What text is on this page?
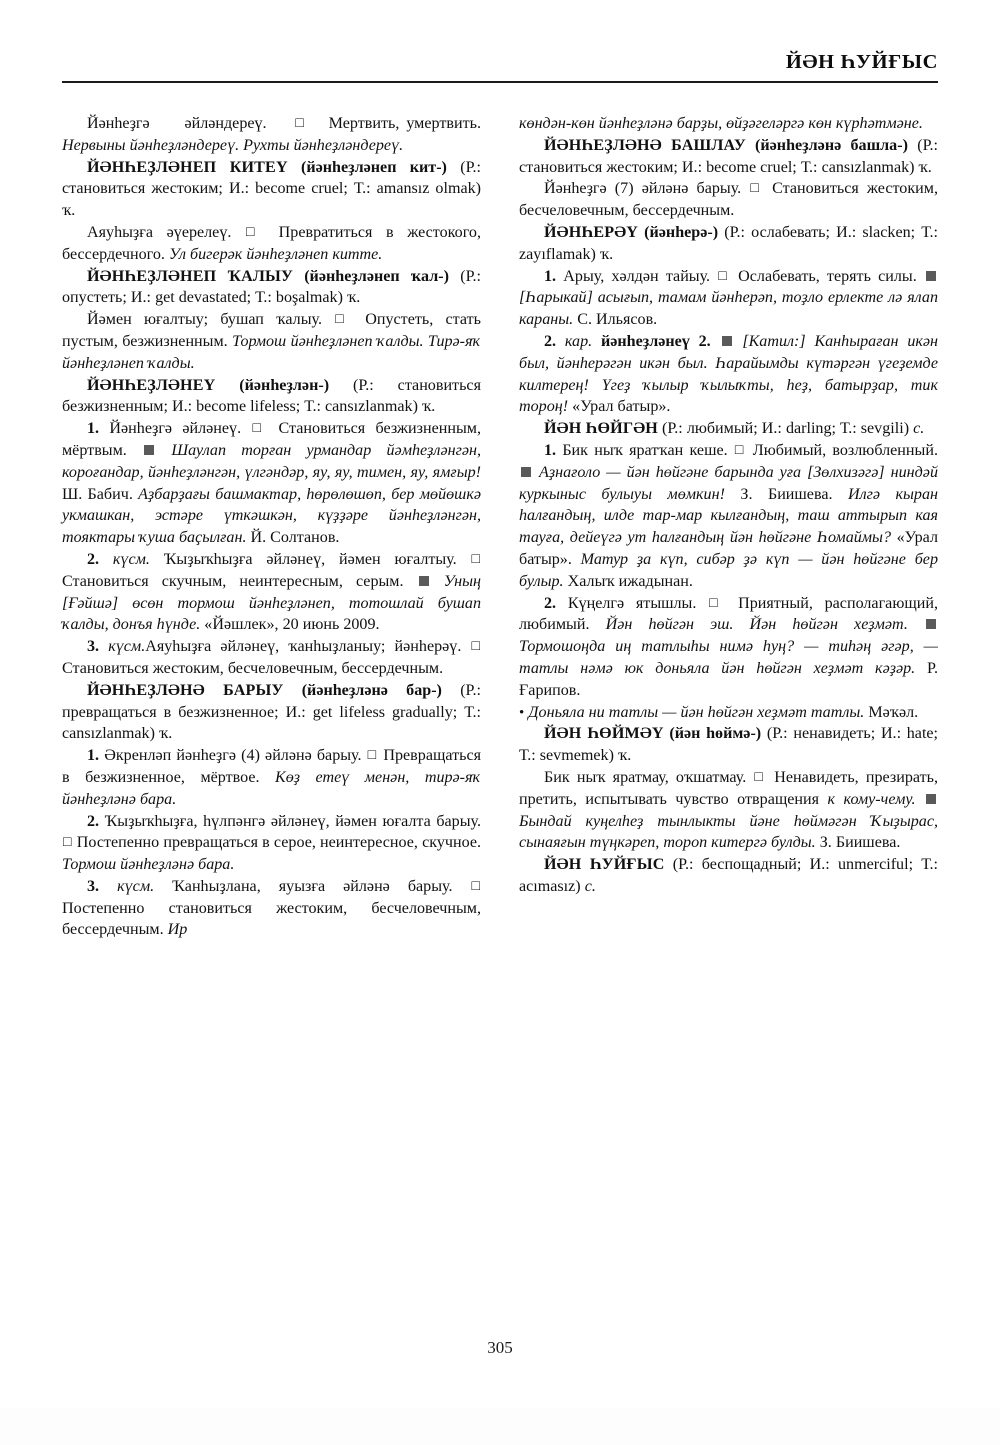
ЙӘН ҺУЙҒЫС

Йәнһеҙгә     әйләндереү.    □   Мертвить, умертвить. Нервыны йәнһеҙләндереү. Рухты йәнһеҙләндереү.

ЙӘНҺЕҘЛӘНЕП КИТЕҮ (йәнһеҙләнеп кит-) (Р.: становиться жестоким; И.: become cruel; Т.: amansız olmak) ҡ.

Аяуһыҙға әүерелеү. □ Превратиться в жестокого, бессердечного. Ул бигерәк йәнһеҙләнеп китте.

ЙӘНҺЕҘЛӘНЕП ҠАЛЫУ (йәнһеҙләнеп ҡал-) (Р.: опустеть; И.: get devastated; Т.: boşalmak) ҡ.

Йәмен юғалтыу; бушап ҡалыу. □ Опустеть, стать пустым, безжизненным. Тормош йәнһеҙләнеп ҡалды. Тирә-яҡ йәнһеҙләнеп ҡалды.

ЙӘНҺЕҘЛӘНЕҮ (йәнһеҙлән-) (Р.: становиться безжизненным; И.: become lifeless; Т.: cansızlanmak) ҡ.

1. Йәнһеҙгә әйләнеү. □ Становиться безжизненным, мёртвым.	Шаулап торған урмандар йәмһеҙләнгән, короғандар, йәнһеҙләнгән, үлгәндәр, яу, яу, тимен, яу, ямғыр! Ш. Бабич. Аҙбарҙағы башмактар, һөрөлөшөп, бер мөйөшкә укмашкан, эстәре үткәшкән, күҙҙәре йәнһеҙләнгән, тояктары ҡуша баҫылған. Й. Солтанов.

2. күсм. Ҡыҙыҡһыҙға әйләнеү, йәмен юғалтыу. □ Становиться скучным, неинтересным, серым. Уның [Ғәйшә] өсөн тормош йәнһеҙләнеп, тотошлай бушап ҡалды, донъя һүнде. «Йәшлек», 20 июнь 2009.

3. күсм.Аяуһыҙға әйләнеү, ҡанһыҙланыу; йәнһерәү. □ Становиться жестоким, бесчеловечным, бессердечным.

ЙӘНҺЕҘЛӘНӘ БАРЫУ (йәнһеҙләнә бар-) (Р.: превращаться в безжизненное; И.: get lifeless gradually; Т.: cansızlanmak) ҡ.

1. Әкренләп йәнһеҙгә (4) әйләнә барыу. □ Превращаться в безжизненное, мёртвое. Көҙ етеү менән, тирә-яҡ йәнһеҙләнә бара.

2. Ҡыҙыҡһыҙға, һүлпәнгә әйләнеү, йәмен юғалта барыу. □ Постепенно превращаться в серое, неинтересное, скучное. Тормош йәнһеҙләнә бара.

3. күсм. Ҡанһыҙлана, яуызға әйләнә барыу. □ Постепенно становиться жестоким, бесчеловечным, бессердечным. Ир

көндән-көн йәнһеҙләнә барҙы, өйҙәгеләргә көн күрһәтмәне.

ЙӘНҺЕҘЛӘНӘ БАШЛАУ (йәнһеҙләнә башла-) (Р.: становиться жестоким; И.: become cruel; Т.: cansızlanmak) ҡ.

Йәнһеҙгә (7) әйләнә барыу. □ Становиться жестоким, бесчеловечным, бессердечным.

ЙӘНҺЕРӘҮ (йәнһерә-) (Р.: ослабевать; И.: slacken; Т.: zayıflamak) ҡ.

1. Арыу, хәлдән тайыу. □ Ослабевать, терять силы.  [Һарыкай] асығып, тамам йәнһерәп, тоҙло ерлекте лә ялап караны. С. Ильясов.

2. кар. йәнһеҙләнеү 2. [Катил:] Канһыраған икән был, йәнһерәгән икән был. Һарайымды күтәргән үгеҙемде килтерең! Үгеҙ ҡылыр ҡылыҡты, һеҙ, батырҙар, тик тороң! «Урал батыр».

ЙӘН ҺӨЙГӘН (Р.: любимый; И.: darling; Т.: sevgili) с.

1. Бик ныҡ яратҡан кеше. □ Любимый, возлюбленный.  Аҙнағоло — йән һөйгәне барында уға [Зөлхизәгә] ниндәй куркыныс булыуы мөмкин! З. Биишева. Илгә кыран һалғандың, илде тар-мар кылғандың, таш аттырып кая тауға, дейеүгә ут һалғандың йән һөйгәне Һомаймы? «Урал батыр». Матур ҙа күп, сибәр ҙә күп — йән һөйгәне бер булыр. Халыҡ ижадынан.

2. Күңелгә ятышлы. □ Приятный, располагающий, любимый. Йән һөйгән эш. Йән һөйгән хеҙмәт.  Тормошоңда иң татлыһы нимә һуң? — тиһәң әгәр, — татлы нәмә юк доньяла йән һөйгән хеҙмәт кәҙәр. Р. Ғарипов.

• Доньяла ни татлы — йән һөйгән хеҙмәт татлы. Мәҡәл.

ЙӘН ҺӨЙМӘҮ (йән һөймә-) (Р.: ненавидеть; И.: hate; Т.: sevmemek) ҡ.

Бик ныҡ яратмау, оҡшатмау. □ Ненавидеть, презирать, претить, испытывать чувство отвращения к кому-чему.  Бындай куңелһеҙ тынлыкты йәне һөймәгән Ҡыҙырас, сынаяғын түңкәреп, тороп китергә булды. З. Биишева.

ЙӘН ҺУЙҒЫС (Р.: беспощадный; И.: unmerciful; Т.: acımasız) с.

305
